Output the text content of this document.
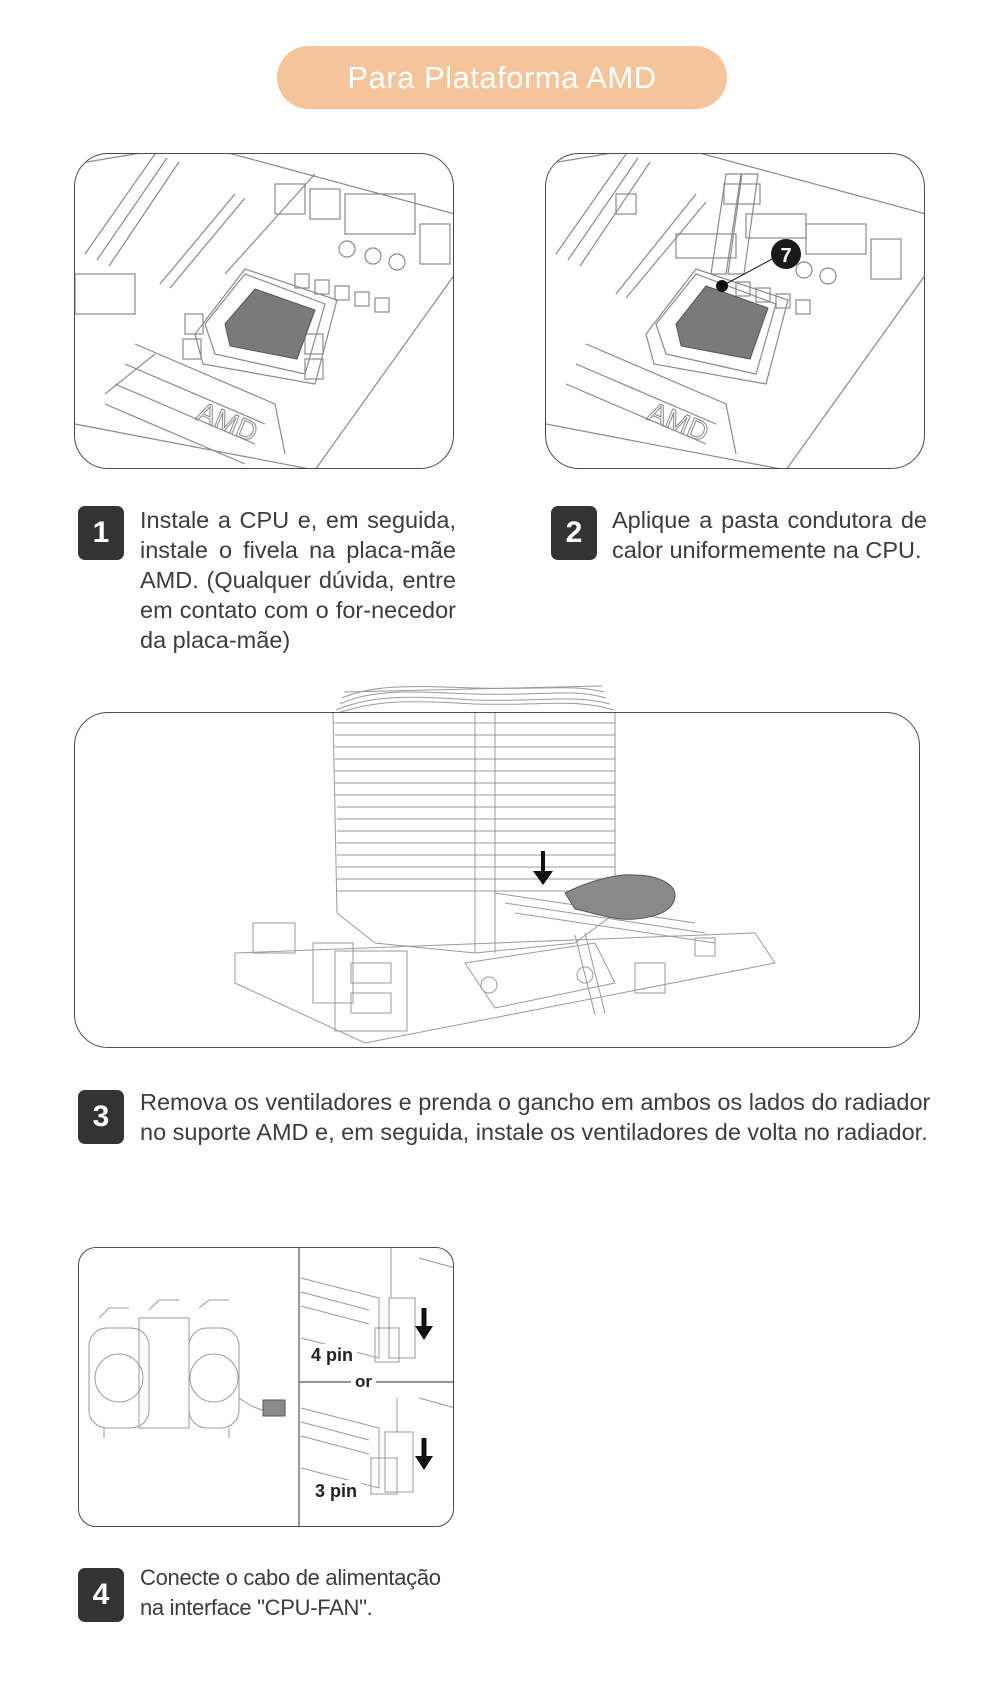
Para Plataforma AMD
AMD
7
AMD
1	Instale a CPU e, em seguida, instale o fivela na placa-mãe AMD. (Qualquer dúvida, entre em contato com o for-necedor da placa-mãe)
2	Aplique a pasta condutora de calor uniformemente na CPU.
3	Remova os ventiladores e prenda o gancho em ambos os lados do radiador no suporte AMD e, em seguida, instale os ventiladores de volta no radiador.
4 pin
or
3 pin
4
Conecte o cabo de alimentação na interface "CPU-FAN".
